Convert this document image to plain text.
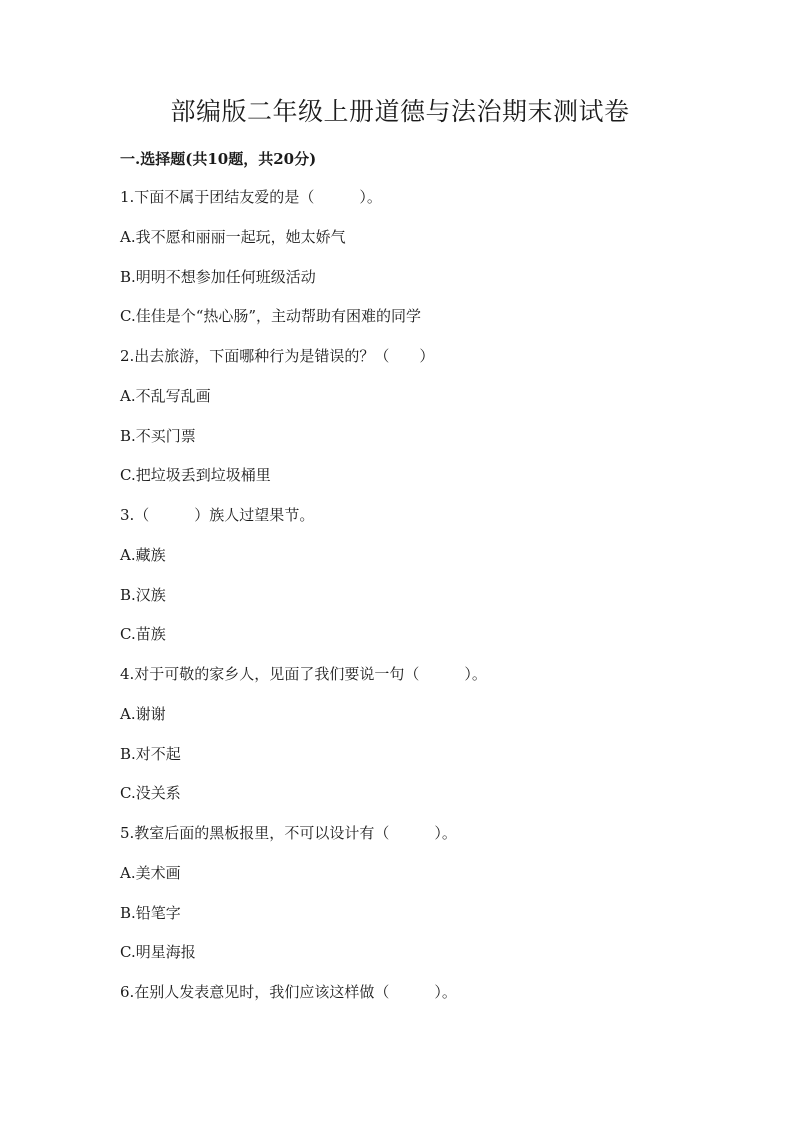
部编版二年级上册道德与法治期末测试卷

一.选择题(共10题，共20分)

1.下面不属于团结友爱的是（　　　）。

A.我不愿和丽丽一起玩，她太娇气

B.明明不想参加任何班级活动

C.佳佳是个“热心肠”，主动帮助有困难的同学

2.出去旅游，下面哪种行为是错误的？（　　）

A.不乱写乱画

B.不买门票

C.把垃圾丢到垃圾桶里

3.（　　　）族人过望果节。

A.藏族

B.汉族

C.苗族

4.对于可敬的家乡人，见面了我们要说一句（　　　）。

A.谢谢

B.对不起

C.没关系

5.教室后面的黑板报里，不可以设计有（　　　）。

A.美术画

B.铅笔字

C.明星海报

6.在别人发表意见时，我们应该这样做（　　　）。
